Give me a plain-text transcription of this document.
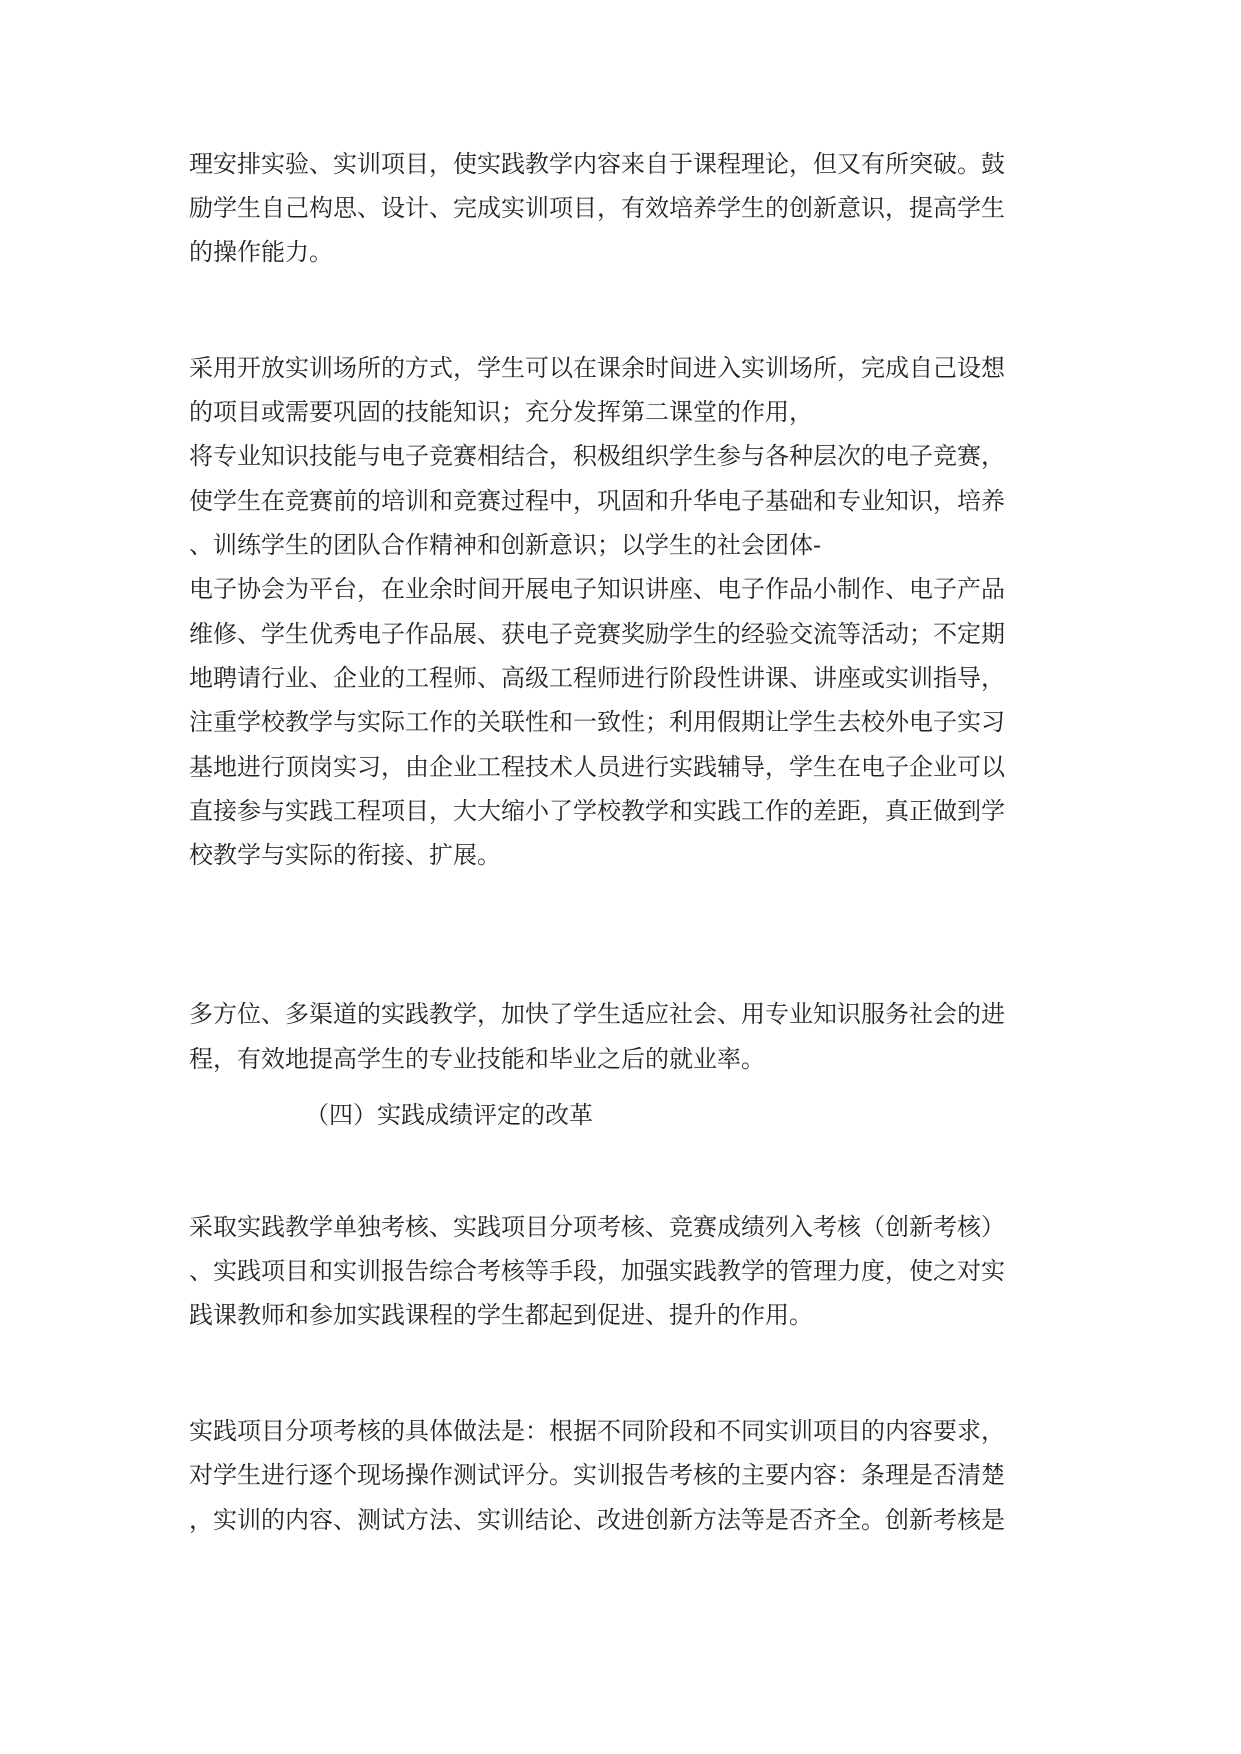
理安排实验、实训项目，使实践教学内容来自于课程理论，但又有所突破。鼓
励学生自己构思、设计、完成实训项目，有效培养学生的创新意识，提高学生
的操作能力。
采用开放实训场所的方式，学生可以在课余时间进入实训场所，完成自己设想
的项目或需要巩固的技能知识；充分发挥第二课堂的作用，
将专业知识技能与电子竞赛相结合，积极组织学生参与各种层次的电子竞赛，
使学生在竞赛前的培训和竞赛过程中，巩固和升华电子基础和专业知识，培养
、训练学生的团队合作精神和创新意识；以学生的社会团体-
电子协会为平台，在业余时间开展电子知识讲座、电子作品小制作、电子产品
维修、学生优秀电子作品展、获电子竞赛奖励学生的经验交流等活动；不定期
地聘请行业、企业的工程师、高级工程师进行阶段性讲课、讲座或实训指导，
注重学校教学与实际工作的关联性和一致性；利用假期让学生去校外电子实习
基地进行顶岗实习，由企业工程技术人员进行实践辅导，学生在电子企业可以
直接参与实践工程项目，大大缩小了学校教学和实践工作的差距，真正做到学
校教学与实际的衔接、扩展。
多方位、多渠道的实践教学，加快了学生适应社会、用专业知识服务社会的进
程，有效地提高学生的专业技能和毕业之后的就业率。
（四）实践成绩评定的改革
采取实践教学单独考核、实践项目分项考核、竞赛成绩列入考核（创新考核）
、实践项目和实训报告综合考核等手段，加强实践教学的管理力度，使之对实
践课教师和参加实践课程的学生都起到促进、提升的作用。
实践项目分项考核的具体做法是：根据不同阶段和不同实训项目的内容要求，
对学生进行逐个现场操作测试评分。实训报告考核的主要内容：条理是否清楚
，实训的内容、测试方法、实训结论、改进创新方法等是否齐全。创新考核是
